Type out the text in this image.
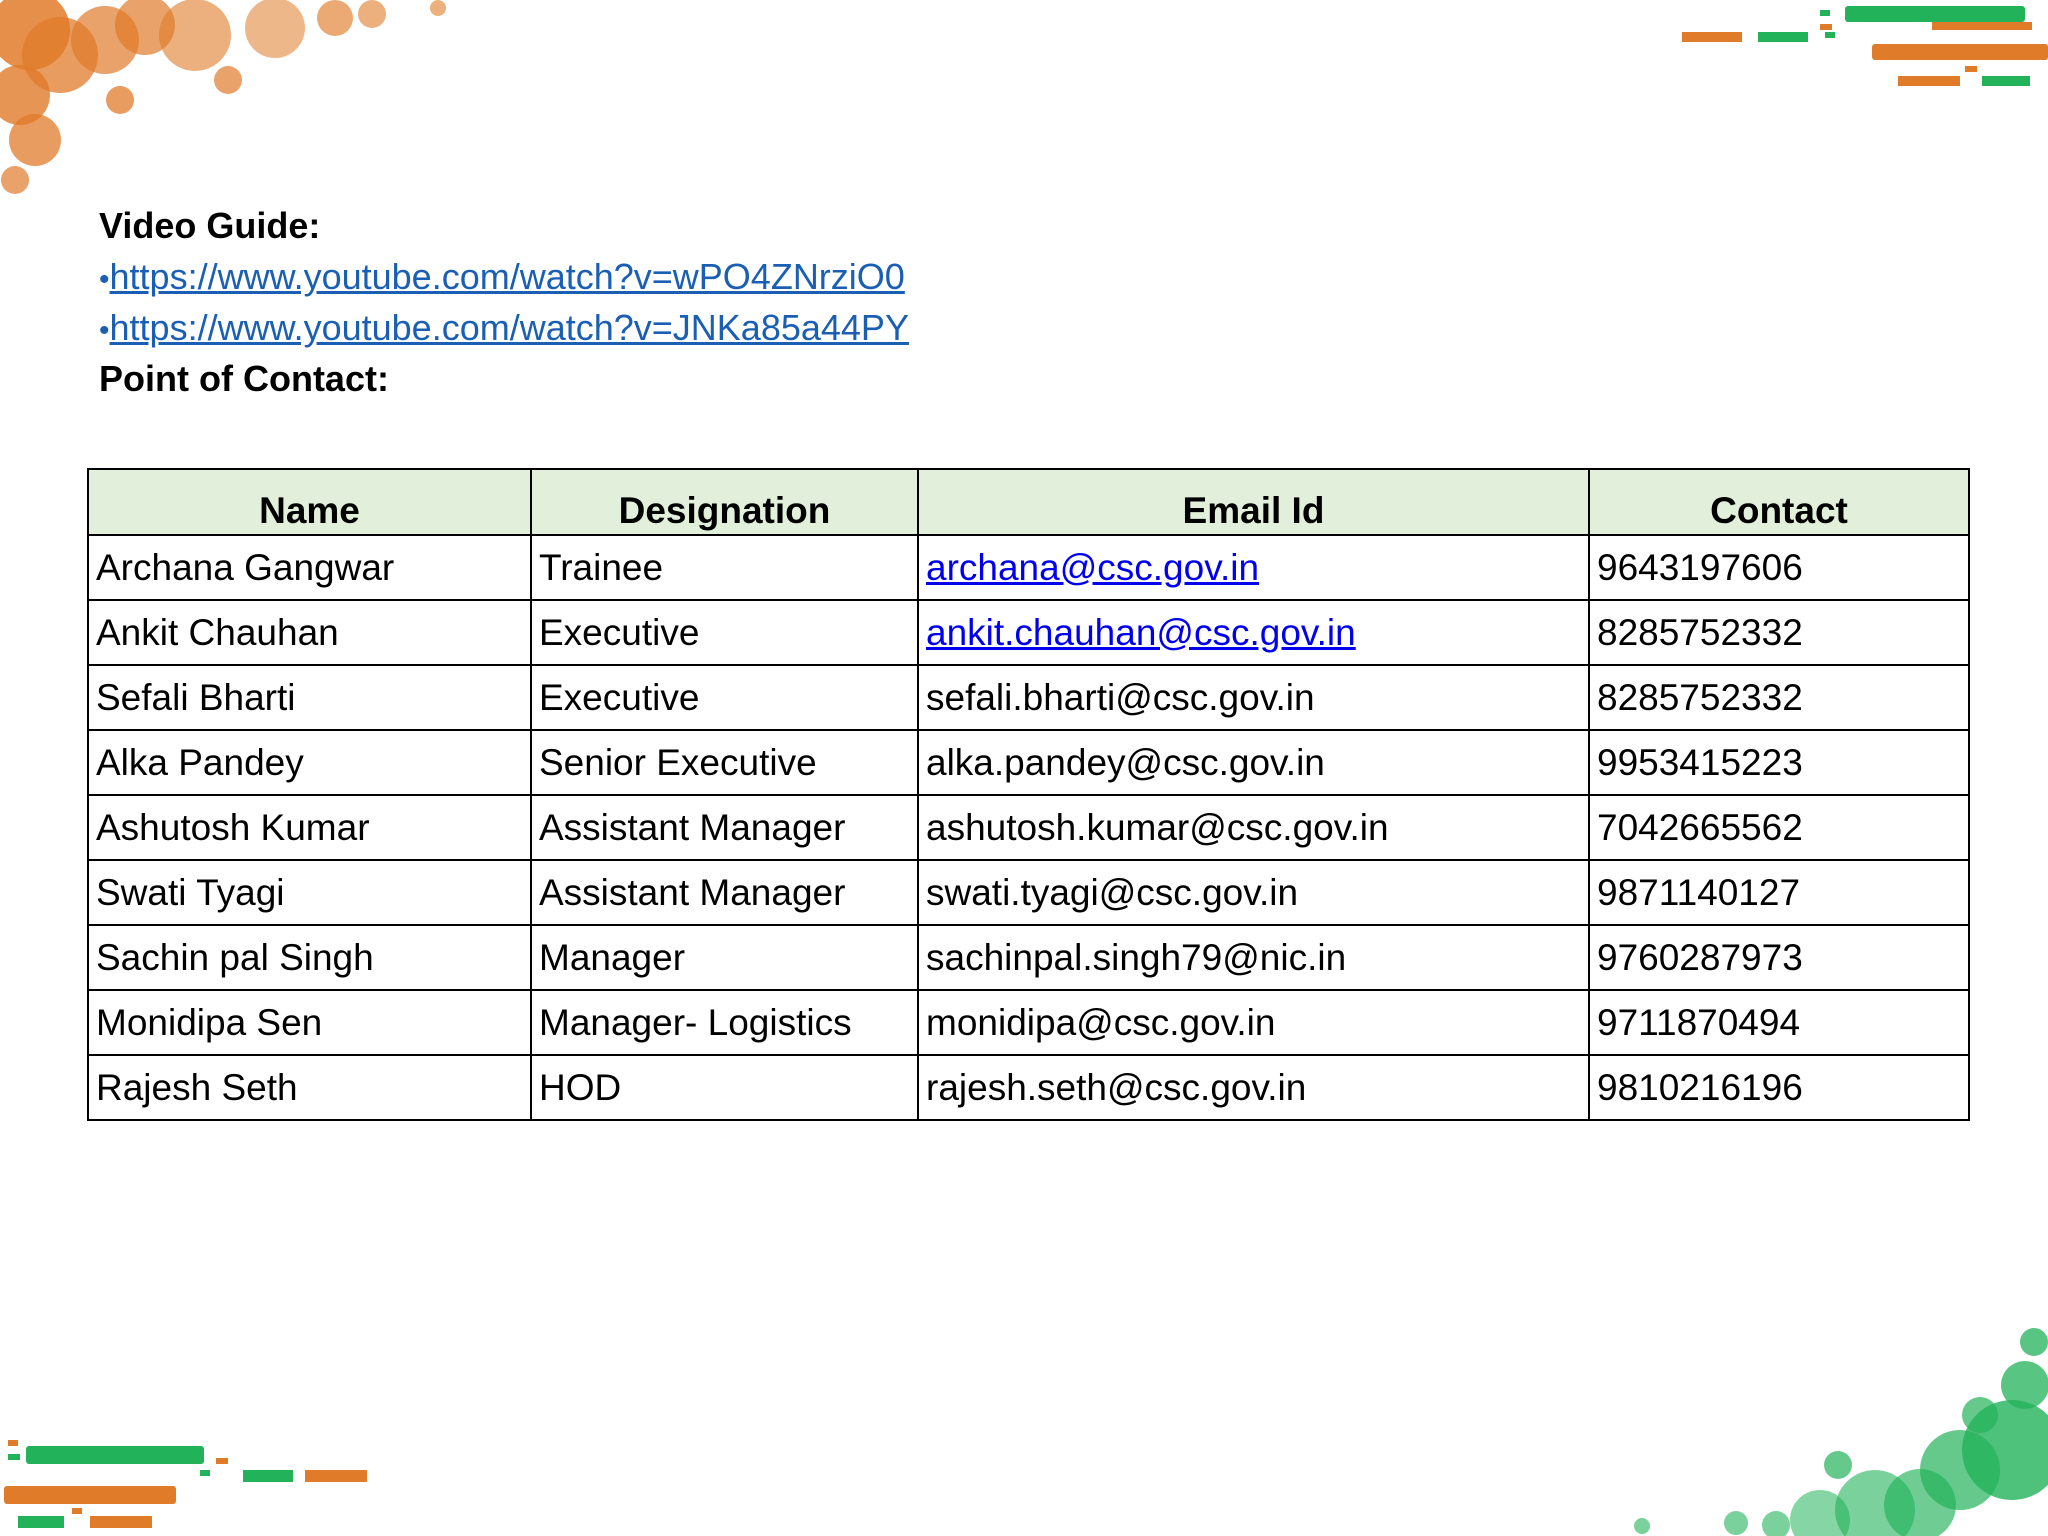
Video Guide:
•https://www.youtube.com/watch?v=wPO4ZNrziO0
•https://www.youtube.com/watch?v=JNKa85a44PY
Point of Contact:
Name	Designation	Email Id	Contact
Archana Gangwar	Trainee	archana@csc.gov.in	9643197606
Ankit Chauhan	Executive	ankit.chauhan@csc.gov.in	8285752332
Sefali Bharti	Executive	sefali.bharti@csc.gov.in	8285752332
Alka Pandey	Senior Executive	alka.pandey@csc.gov.in	9953415223
Ashutosh Kumar	Assistant Manager	ashutosh.kumar@csc.gov.in	7042665562
Swati Tyagi	Assistant Manager	swati.tyagi@csc.gov.in	9871140127
Sachin pal Singh	Manager	sachinpal.singh79@nic.in	9760287973
Monidipa Sen	Manager- Logistics	monidipa@csc.gov.in	9711870494
Rajesh Seth	HOD	rajesh.seth@csc.gov.in	9810216196
